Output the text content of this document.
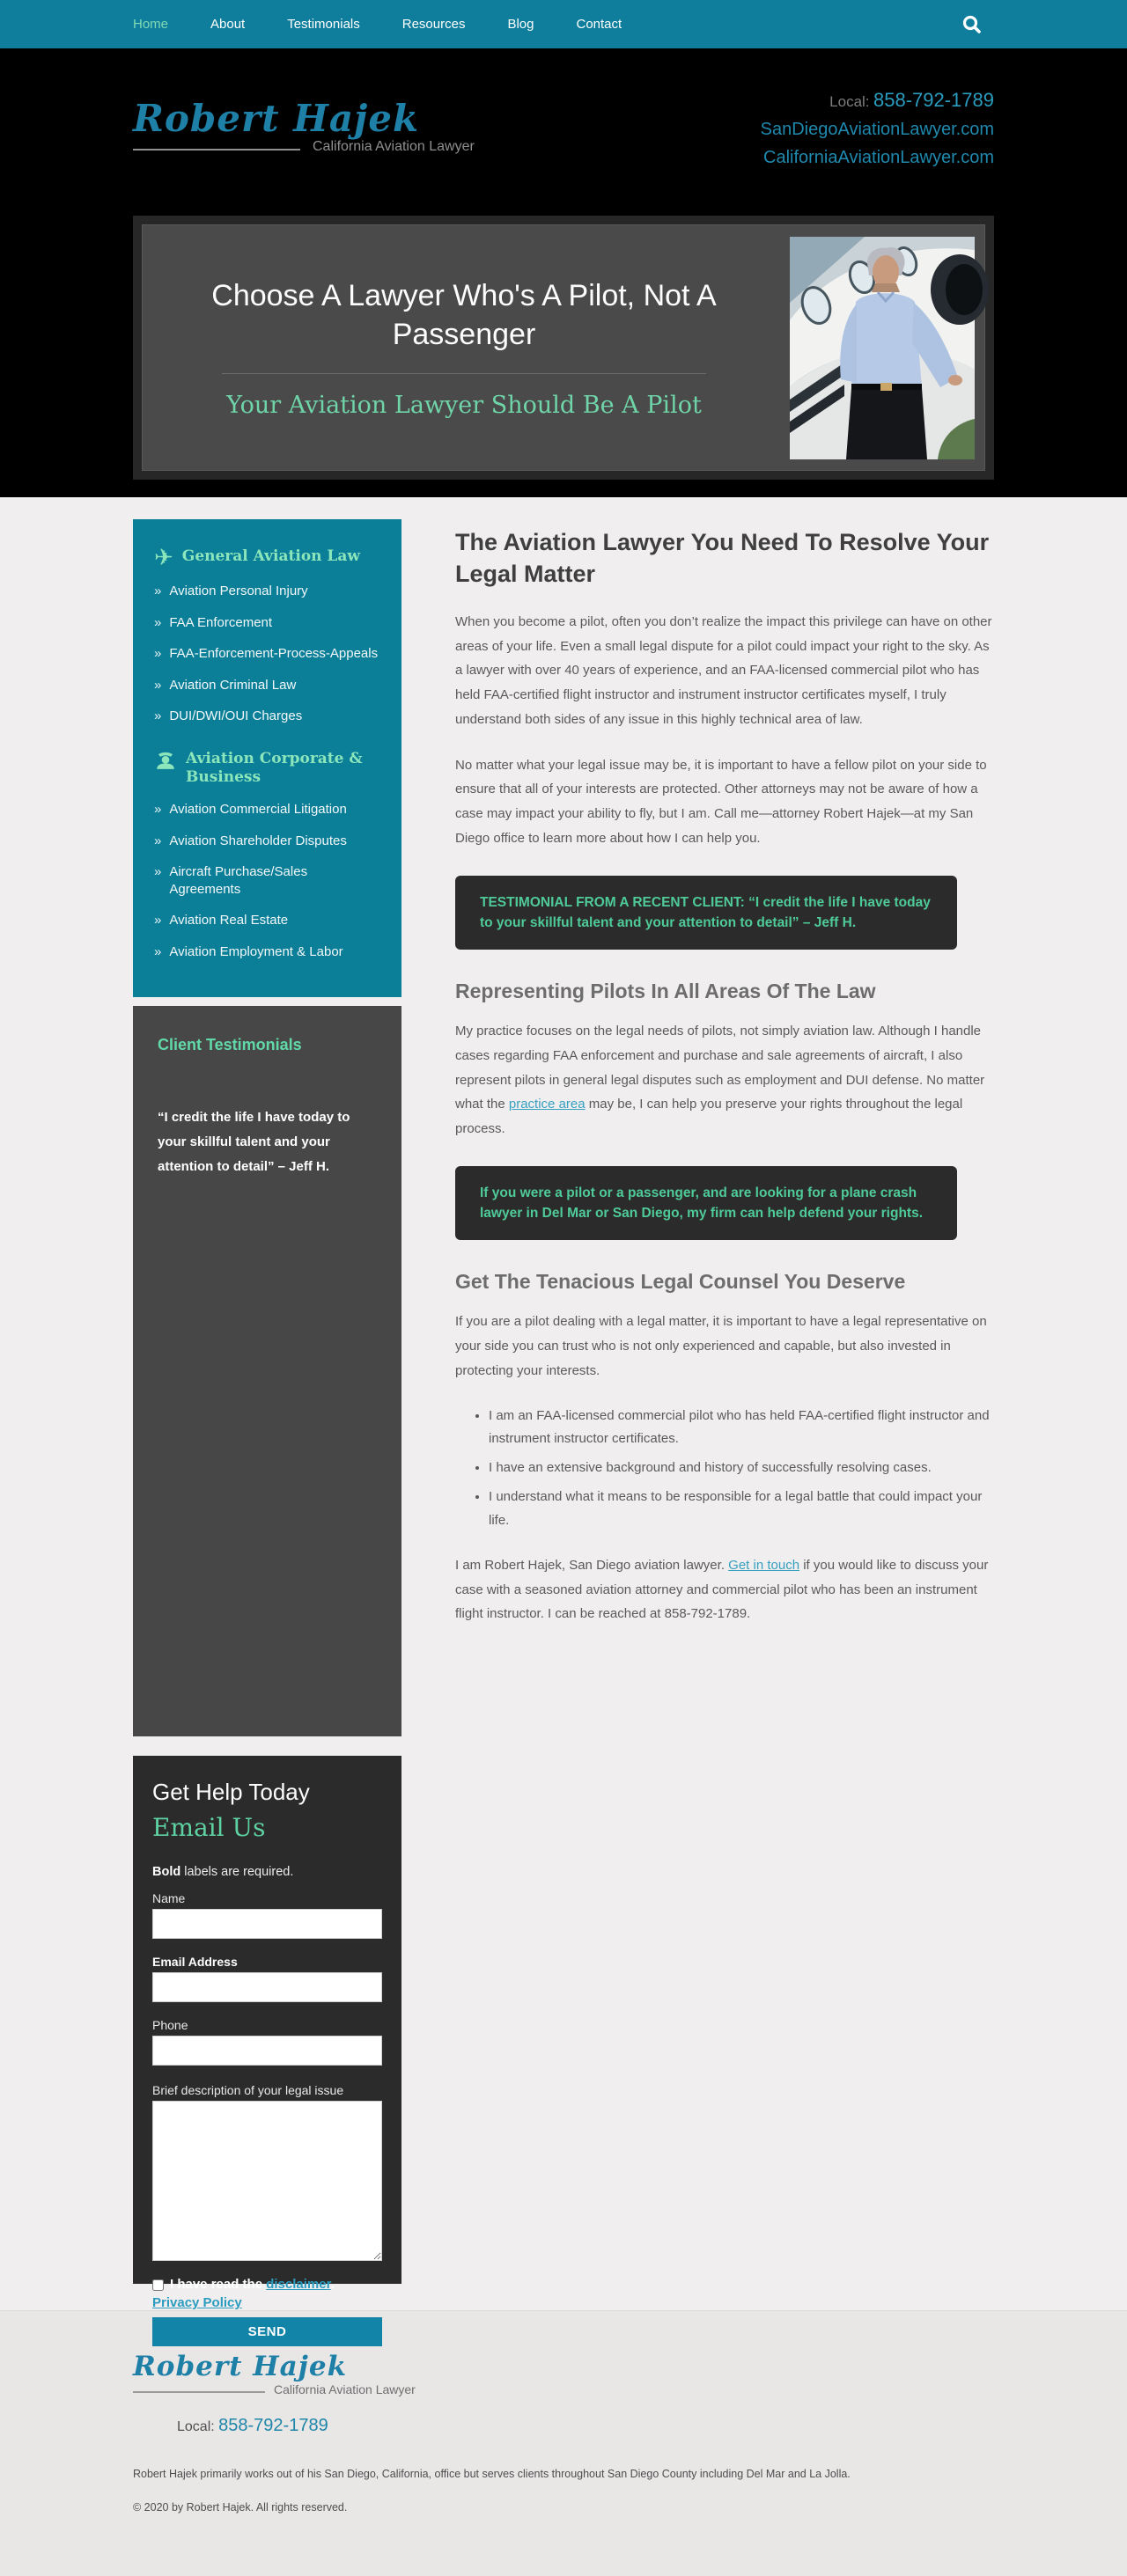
Home	About	Testimonials	Resources	Blog	Contact
Robert Hajek
California Aviation Lawyer
Local: 858-792-1789
SanDiegoAviationLawyer.com
CaliforniaAviationLawyer.com
Choose A Lawyer Who's A Pilot, Not A Passenger
Your Aviation Lawyer Should Be A Pilot
✈ General Aviation Law
» Aviation Personal Injury
» FAA Enforcement
» FAA-Enforcement-Process-Appeals
» Aviation Criminal Law
» DUI/DWI/OUI Charges
Aviation Corporate & Business
» Aviation Commercial Litigation
» Aviation Shareholder Disputes
» Aircraft Purchase/Sales Agreements
» Aviation Real Estate
» Aviation Employment & Labor
Client Testimonials
“I credit the life I have today to your skillful talent and your attention to detail” – Jeff H.
Get Help Today
Email Us
Bold labels are required.
Name
Email Address
Phone
Brief description of your legal issue
I have read the disclaimer.
Privacy Policy
SEND
The Aviation Lawyer You Need To Resolve Your Legal Matter

When you become a pilot, often you don’t realize the impact this privilege can have on other areas of your life. Even a small legal dispute for a pilot could impact your right to the sky. As a lawyer with over 40 years of experience, and an FAA-licensed commercial pilot who has held FAA-certified flight instructor and instrument instructor certificates myself, I truly understand both sides of any issue in this highly technical area of law.

No matter what your legal issue may be, it is important to have a fellow pilot on your side to ensure that all of your interests are protected. Other attorneys may not be aware of how a case may impact your ability to fly, but I am. Call me—attorney Robert Hajek—at my San Diego office to learn more about how I can help you.

TESTIMONIAL FROM A RECENT CLIENT: “I credit the life I have today to your skillful talent and your attention to detail” – Jeff H.

Representing Pilots In All Areas Of The Law

My practice focuses on the legal needs of pilots, not simply aviation law. Although I handle cases regarding FAA enforcement and purchase and sale agreements of aircraft, I also represent pilots in general legal disputes such as employment and DUI defense. No matter what the practice area may be, I can help you preserve your rights throughout the legal process.

If you were a pilot or a passenger, and are looking for a plane crash lawyer in Del Mar or San Diego, my firm can help defend your rights.

Get The Tenacious Legal Counsel You Deserve

If you are a pilot dealing with a legal matter, it is important to have a legal representative on your side you can trust who is not only experienced and capable, but also invested in protecting your interests.

• I am an FAA-licensed commercial pilot who has held FAA-certified flight instructor and instrument instructor certificates.
• I have an extensive background and history of successfully resolving cases.
• I understand what it means to be responsible for a legal battle that could impact your life.

I am Robert Hajek, San Diego aviation lawyer. Get in touch if you would like to discuss your case with a seasoned aviation attorney and commercial pilot who has been an instrument flight instructor. I can be reached at 858-792-1789.

Robert Hajek
California Aviation Lawyer
Local: 858-792-1789
Robert Hajek primarily works out of his San Diego, California, office but serves clients throughout San Diego County including Del Mar and La Jolla.
© 2020 by Robert Hajek. All rights reserved.
